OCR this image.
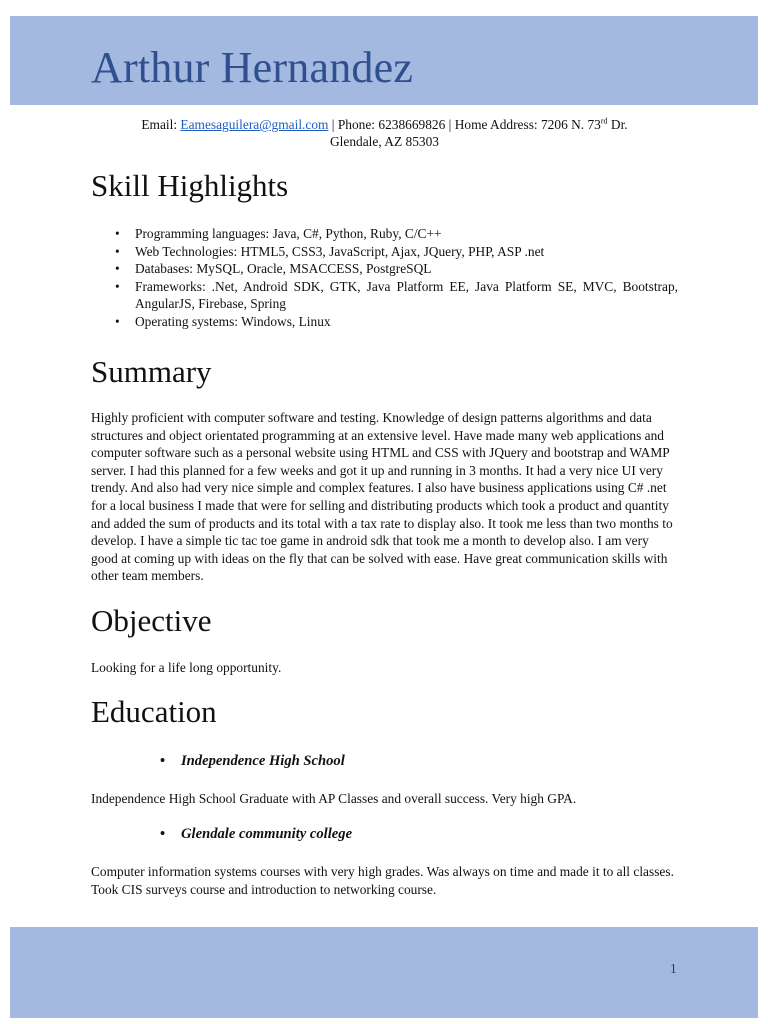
Arthur Hernandez

Email: Eamesaguilera@gmail.com | Phone: 6238669826 | Home Address: 7206 N. 73rd Dr.
Glendale, AZ 85303

Skill Highlights
• Programming languages: Java, C#, Python, Ruby, C/C++
• Web Technologies: HTML5, CSS3, JavaScript, Ajax, JQuery, PHP, ASP .net
• Databases: MySQL, Oracle, MSACCESS, PostgreSQL
• Frameworks: .Net, Android SDK, GTK, Java Platform EE, Java Platform SE, MVC, Bootstrap, AngularJS, Firebase, Spring
• Operating systems: Windows, Linux
Summary

Highly proficient with computer software and testing. Knowledge of design patterns algorithms and data structures and object orientated programming at an extensive level. Have made many web applications and computer software such as a personal website using HTML and CSS with JQuery and bootstrap and WAMP server. I had this planned for a few weeks and got it up and running in 3 months. It had a very nice UI very trendy. And also had very nice simple and complex features. I also have business applications using C# .net for a local business I made that were for selling and distributing products which took a product and quantity and added the sum of products and its total with a tax rate to display also. It took me less than two months to develop. I have a simple tic tac toe game in android sdk that took me a month to develop also. I am very good at coming up with ideas on the fly that can be solved with ease. Have great communication skills with other team members.

Objective

Looking for a life long opportunity.

Education

• Independence High School

Independence High School Graduate with AP Classes and overall success. Very high GPA.

• Glendale community college

Computer information systems courses with very high grades. Was always on time and made it to all classes. Took CIS surveys course and introduction to networking course.

1
